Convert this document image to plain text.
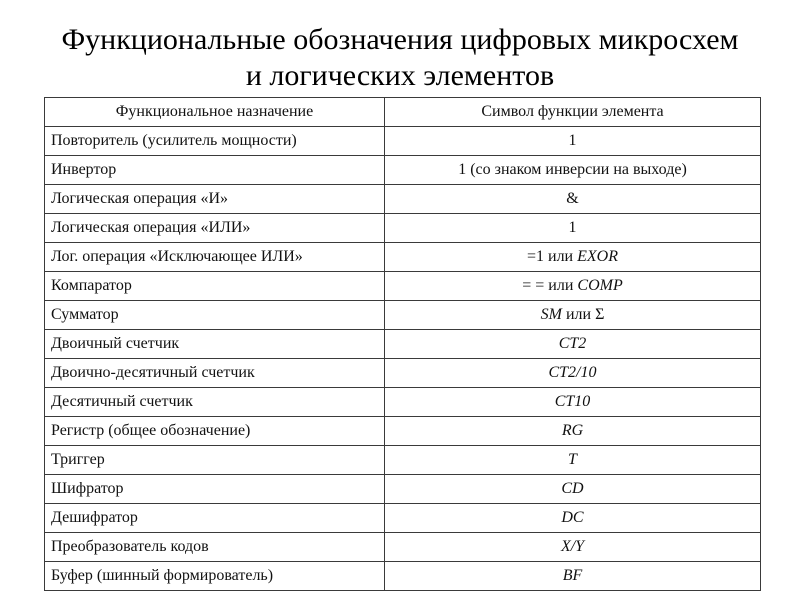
Функциональные обозначения цифровых микросхем
и логических элементов
Функциональное назначение	Символ функции элемента
Повторитель (усилитель мощности)	1
Инвертор	1 (со знаком инверсии на выходе)
Логическая операция «И»	&
Логическая операция «ИЛИ»	1
Лог. операция «Исключающее ИЛИ»	=1 или EXOR
Компаратор	= = или COMP
Сумматор	SM или Σ
Двоичный счетчик	CT2
Двоично-десятичный счетчик	CT2/10
Десятичный счетчик	CT10
Регистр (общее обозначение)	RG
Триггер	T
Шифратор	CD
Дешифратор	DC
Преобразователь кодов	X/Y
Буфер (шинный формирователь)	BF
